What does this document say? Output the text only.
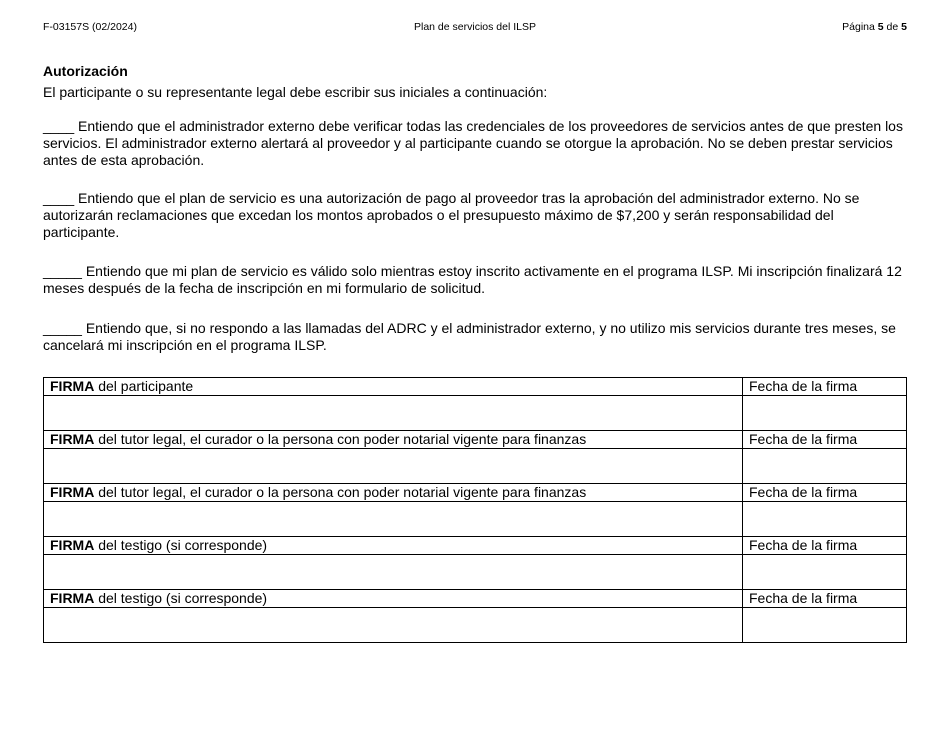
F-03157S (02/2024)	Plan de servicios del ILSP	Página 5 de 5
Autorización
El participante o su representante legal debe escribir sus iniciales a continuación:
____ Entiendo que el administrador externo debe verificar todas las credenciales de los proveedores de servicios antes de que presten los servicios. El administrador externo alertará al proveedor y al participante cuando se otorgue la aprobación. No se deben prestar servicios antes de esta aprobación.
____ Entiendo que el plan de servicio es una autorización de pago al proveedor tras la aprobación del administrador externo. No se autorizarán reclamaciones que excedan los montos aprobados o el presupuesto máximo de $7,200 y serán responsabilidad del participante.
_____ Entiendo que mi plan de servicio es válido solo mientras estoy inscrito activamente en el programa ILSP. Mi inscripción finalizará 12 meses después de la fecha de inscripción en mi formulario de solicitud.
_____ Entiendo que, si no respondo a las llamadas del ADRC y el administrador externo, y no utilizo mis servicios durante tres meses, se cancelará mi inscripción en el programa ILSP.
FIRMA del participante	Fecha de la firma

FIRMA del tutor legal, el curador o la persona con poder notarial vigente para finanzas	Fecha de la firma

FIRMA del tutor legal, el curador o la persona con poder notarial vigente para finanzas	Fecha de la firma

FIRMA del testigo (si corresponde)	Fecha de la firma

FIRMA del testigo (si corresponde)	Fecha de la firma
